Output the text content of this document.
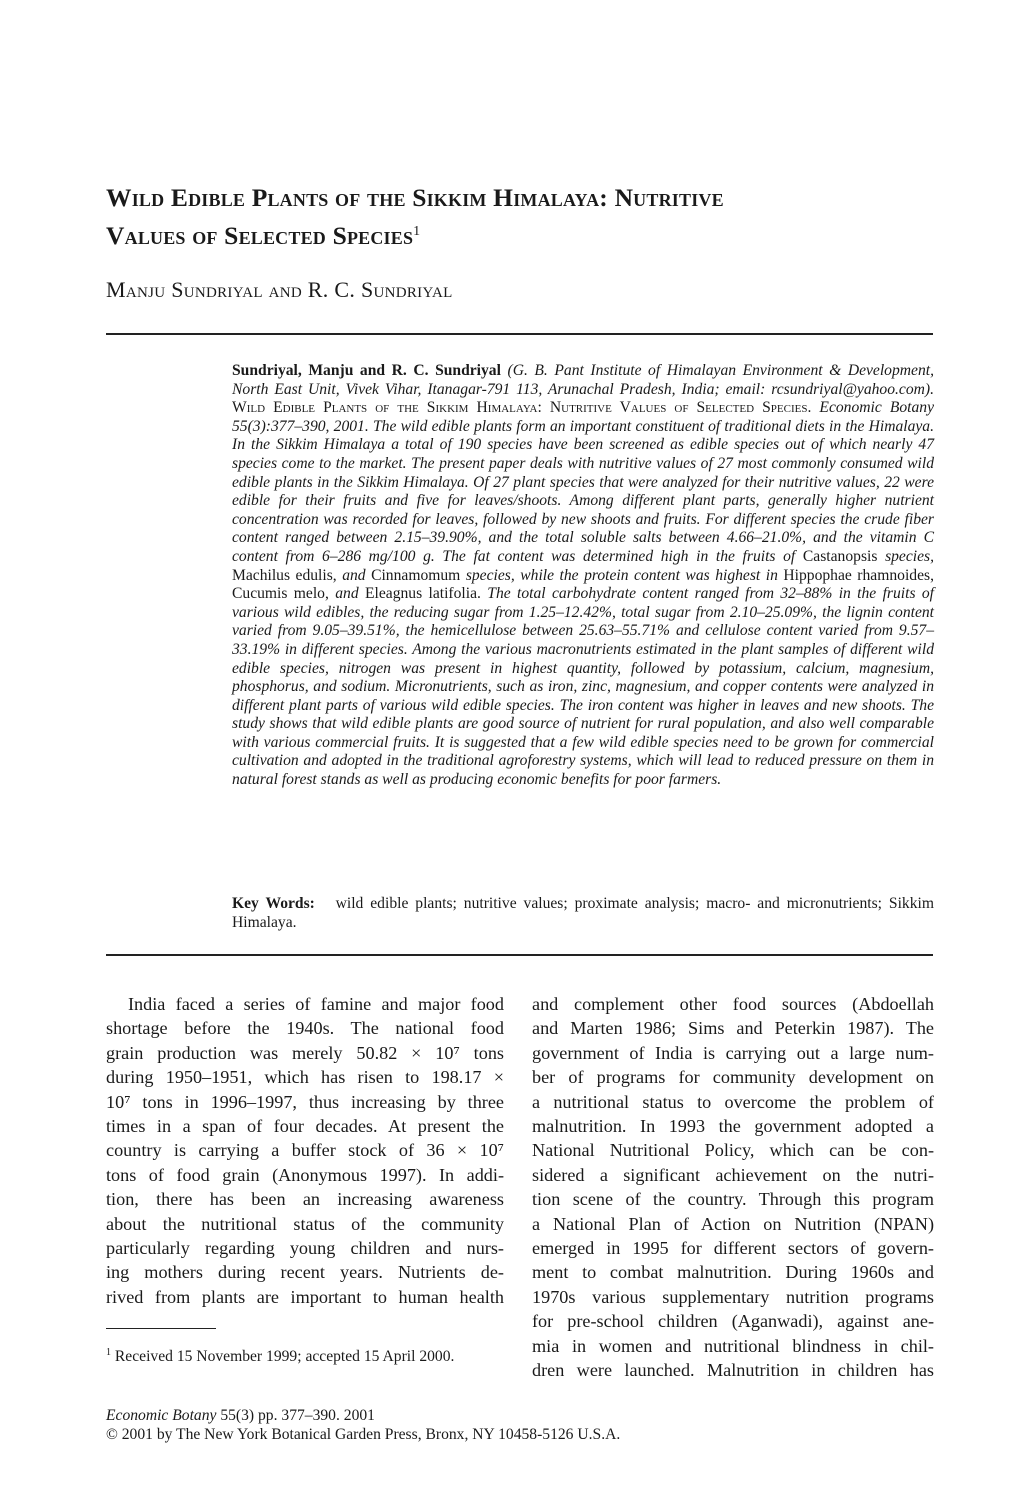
Wild Edible Plants of the Sikkim Himalaya: Nutritive
Values of Selected Species$^1$
Manju Sundriyal and R. C. Sundriyal
Sundriyal, Manju and R. C. Sundriyal (G. B. Pant Institute of Himalayan Environment & Development, North East Unit, Vivek Vihar, Itanagar-791 113, Arunachal Pradesh, India; email: rcsundriyal@yahoo.com). Wild Edible Plants of the Sikkim Himalaya: Nutritive Values of Selected Species. Economic Botany 55(3):377–390, 2001. The wild edible plants form an important constituent of traditional diets in the Himalaya. In the Sikkim Himalaya a total of 190 species have been screened as edible species out of which nearly 47 species come to the market. The present paper deals with nutritive values of 27 most commonly consumed wild edible plants in the Sikkim Himalaya. Of 27 plant species that were analyzed for their nutritive values, 22 were edible for their fruits and five for leaves/shoots. Among different plant parts, generally higher nutrient concentration was recorded for leaves, followed by new shoots and fruits. For different species the crude fiber content ranged between 2.15–39.90%, and the total soluble salts between 4.66–21.0%, and the vitamin C content from 6–286 mg/100 g. The fat content was determined high in the fruits of Castanopsis species, Machilus edulis, and Cinnamomum species, while the protein content was highest in Hippophae rhamnoides, Cucumis melo, and Eleagnus latifolia. The total carbohydrate content ranged from 32–88% in the fruits of various wild edibles, the reducing sugar from 1.25–12.42%, total sugar from 2.10–25.09%, the lignin content varied from 9.05–39.51%, the hemicellulose between 25.63–55.71% and cellulose content varied from 9.57–33.19% in different species. Among the various macronutrients estimated in the plant samples of different wild edible species, nitrogen was present in highest quantity, followed by potassium, calcium, magnesium, phosphorus, and sodium. Micronutrients, such as iron, zinc, magnesium, and copper contents were analyzed in different plant parts of various wild edible species. The iron content was higher in leaves and new shoots. The study shows that wild edible plants are good source of nutrient for rural population, and also well comparable with various commercial fruits. It is suggested that a few wild edible species need to be grown for commercial cultivation and adopted in the traditional agroforestry systems, which will lead to reduced pressure on them in natural forest stands as well as producing economic benefits for poor farmers.
Key Words: wild edible plants; nutritive values; proximate analysis; macro- and micronutrients; Sikkim Himalaya.
India faced a series of famine and major food
shortage before the 1940s. The national food
grain production was merely 50.82 × 10⁷ tons
during 1950–1951, which has risen to 198.17 ×
10⁷ tons in 1996–1997, thus increasing by three
times in a span of four decades. At present the
country is carrying a buffer stock of 36 × 10⁷
tons of food grain (Anonymous 1997). In addi-
tion, there has been an increasing awareness
about the nutritional status of the community
particularly regarding young children and nurs-
ing mothers during recent years. Nutrients de-
rived from plants are important to human health
and complement other food sources (Abdoellah
and Marten 1986; Sims and Peterkin 1987). The
government of India is carrying out a large num-
ber of programs for community development on
a nutritional status to overcome the problem of
malnutrition. In 1993 the government adopted a
National Nutritional Policy, which can be con-
sidered a significant achievement on the nutri-
tion scene of the country. Through this program
a National Plan of Action on Nutrition (NPAN)
emerged in 1995 for different sectors of govern-
ment to combat malnutrition. During 1960s and
1970s various supplementary nutrition programs
for pre-school children (Aganwadi), against ane-
mia in women and nutritional blindness in chil-
dren were launched. Malnutrition in children has
$^1$ Received 15 November 1999; accepted 15 April 2000.
Economic Botany 55(3) pp. 377–390. 2001
© 2001 by The New York Botanical Garden Press, Bronx, NY 10458-5126 U.S.A.
